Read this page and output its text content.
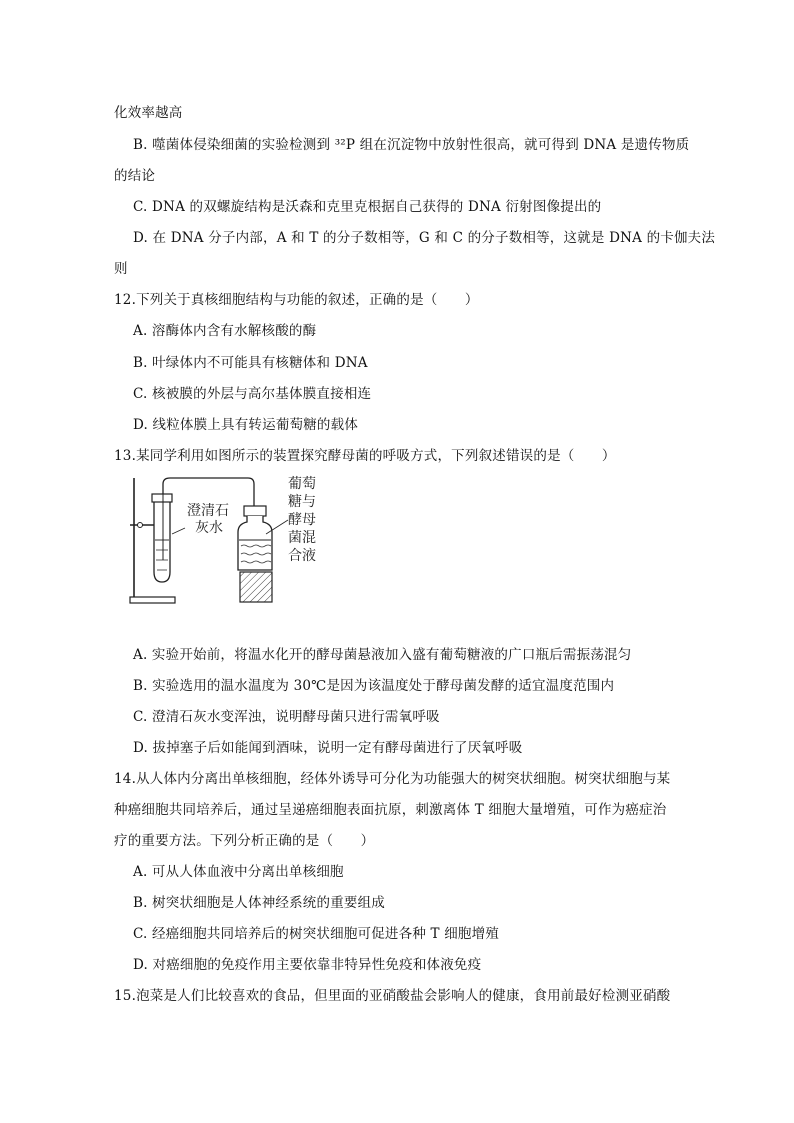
化效率越高
B. 噬菌体侵染细菌的实验检测到 ³²P 组在沉淀物中放射性很高，就可得到 DNA 是遗传物质
的结论
C. DNA 的双螺旋结构是沃森和克里克根据自己获得的 DNA 衍射图像提出的
D. 在 DNA 分子内部，A 和 T 的分子数相等，G 和 C 的分子数相等，这就是 DNA 的卡伽夫法
则
12.下列关于真核细胞结构与功能的叙述，正确的是（　　）
A. 溶酶体内含有水解核酸的酶
B. 叶绿体内不可能具有核糖体和 DNA
C. 核被膜的外层与高尔基体膜直接相连
D. 线粒体膜上具有转运葡萄糖的载体
13.某同学利用如图所示的装置探究酵母菌的呼吸方式，下列叙述错误的是（　　）
澄清石
灰水
葡萄
糖与
酵母
菌混
合液
A. 实验开始前，将温水化开的酵母菌悬液加入盛有葡萄糖液的广口瓶后需振荡混匀
B. 实验选用的温水温度为 30℃是因为该温度处于酵母菌发酵的适宜温度范围内
C. 澄清石灰水变浑浊，说明酵母菌只进行需氧呼吸
D. 拔掉塞子后如能闻到酒味，说明一定有酵母菌进行了厌氧呼吸
14.从人体内分离出单核细胞，经体外诱导可分化为功能强大的树突状细胞。树突状细胞与某
种癌细胞共同培养后，通过呈递癌细胞表面抗原，刺激离体 T 细胞大量增殖，可作为癌症治
疗的重要方法。下列分析正确的是（　　）
A. 可从人体血液中分离出单核细胞
B. 树突状细胞是人体神经系统的重要组成
C. 经癌细胞共同培养后的树突状细胞可促进各种 T 细胞增殖
D. 对癌细胞的免疫作用主要依靠非特异性免疫和体液免疫
15.泡菜是人们比较喜欢的食品，但里面的亚硝酸盐会影响人的健康，食用前最好检测亚硝酸
